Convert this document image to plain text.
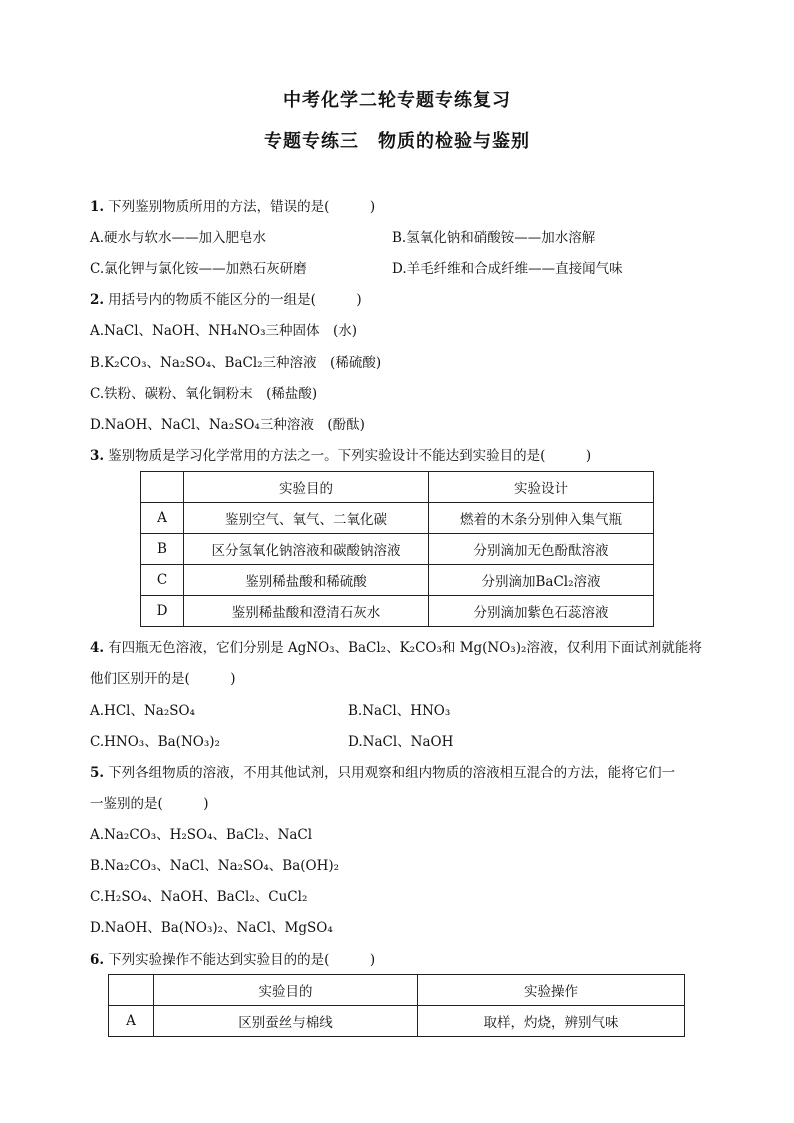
中考化学二轮专题专练复习
专题专练三　物质的检验与鉴别
1. 下列鉴别物质所用的方法，错误的是(　　　)
A.硬水与软水——加入肥皂水	B.氢氧化钠和硝酸铵——加水溶解
C.氯化钾与氯化铵——加熟石灰研磨	D.羊毛纤维和合成纤维——直接闻气味
2. 用括号内的物质不能区分的一组是(　　　)
A.NaCl、NaOH、NH₄NO₃三种固体　(水)
B.K₂CO₃、Na₂SO₄、BaCl₂三种溶液　(稀硫酸)
C.铁粉、碳粉、氧化铜粉末　(稀盐酸)
D.NaOH、NaCl、Na₂SO₄三种溶液　(酚酞)
3. 鉴别物质是学习化学常用的方法之一。下列实验设计不能达到实验目的是(　　　)
	实验目的	实验设计
A	鉴别空气、氧气、二氧化碳	燃着的木条分别伸入集气瓶
B	区分氢氧化钠溶液和碳酸钠溶液	分别滴加无色酚酞溶液
C	鉴别稀盐酸和稀硫酸	分别滴加BaCl₂溶液
D	鉴别稀盐酸和澄清石灰水	分别滴加紫色石蕊溶液
4. 有四瓶无色溶液，它们分别是 AgNO₃、BaCl₂、K₂CO₃和 Mg(NO₃)₂溶液，仅利用下面试剂就能将
他们区别开的是(　　　)
A.HCl、Na₂SO₄	B.NaCl、HNO₃
C.HNO₃、Ba(NO₃)₂	D.NaCl、NaOH
5. 下列各组物质的溶液，不用其他试剂，只用观察和组内物质的溶液相互混合的方法，能将它们一
一鉴别的是(　　　)
A.Na₂CO₃、H₂SO₄、BaCl₂、NaCl
B.Na₂CO₃、NaCl、Na₂SO₄、Ba(OH)₂
C.H₂SO₄、NaOH、BaCl₂、CuCl₂
D.NaOH、Ba(NO₃)₂、NaCl、MgSO₄
6. 下列实验操作不能达到实验目的的是(　　　)
	实验目的	实验操作
A	区别蚕丝与棉线	取样，灼烧，辨别气味
